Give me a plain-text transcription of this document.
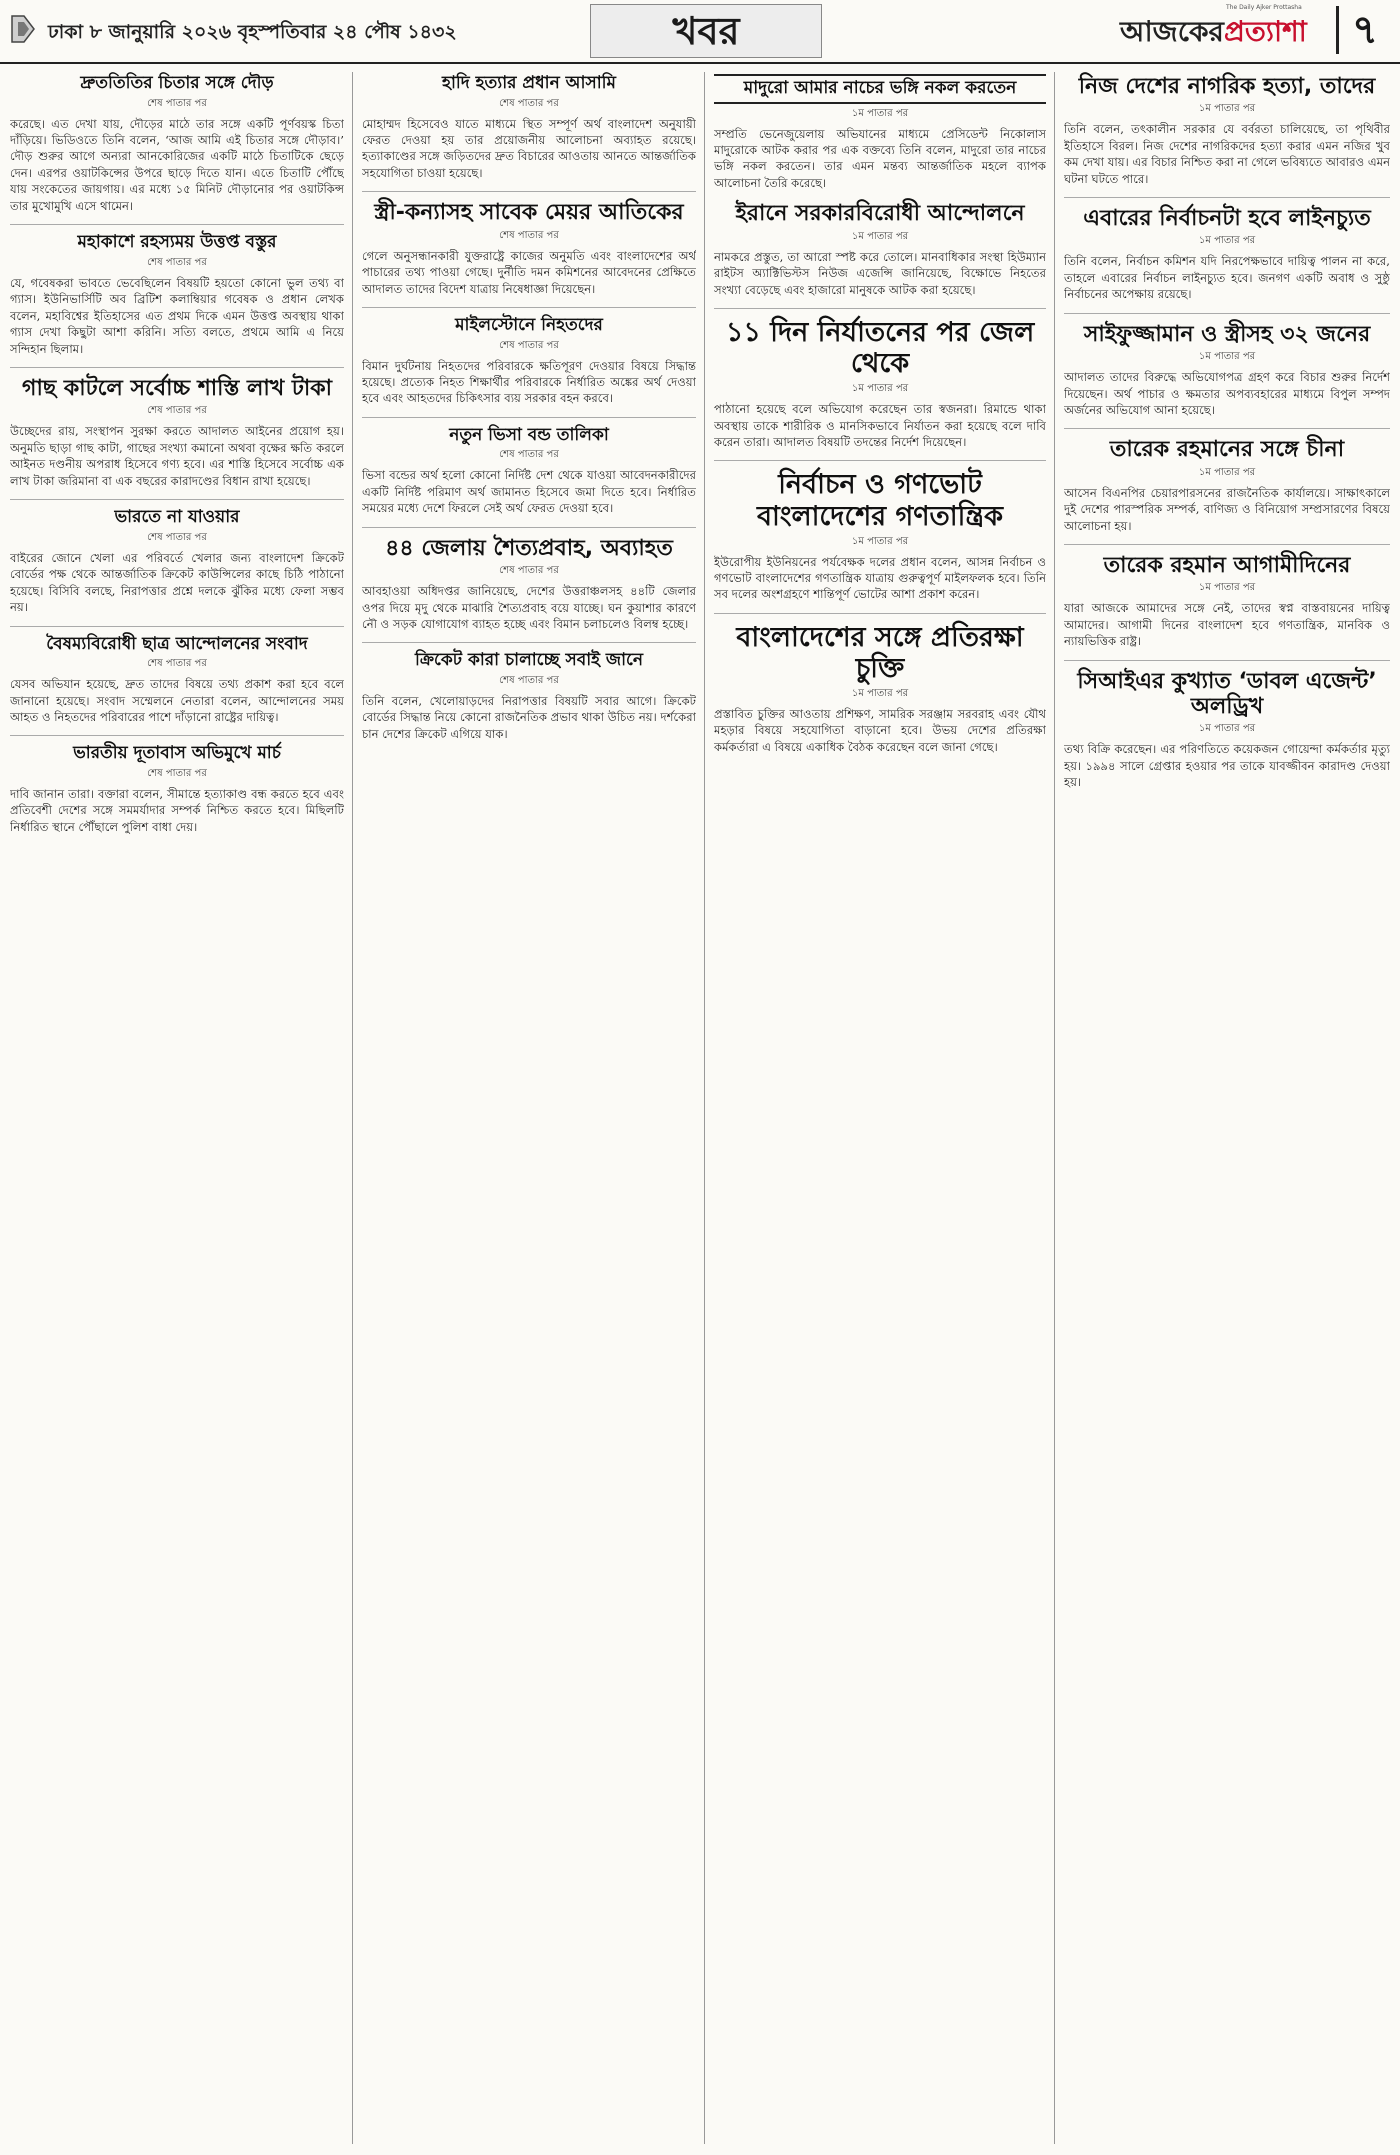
ঢাকা ৮ জানুয়ারি ২০২৬ বৃহস্পতিবার ২৪ পৌষ ১৪৩২	খবর	আজকেরপ্রত্যাশা
The Daily Ajker Prottasha	৭
দ্রুততিতির চিতার সঙ্গে দৌড়
শেষ পাতার পর

করেছে। এত দেখা যায়, দৌড়ের মাঠে তার সঙ্গে একটি পূর্ণবয়স্ক চিতা দাঁড়িয়ে। ভিডিওতে তিনি বলেন, ‘আজ আমি এই চিতার সঙ্গে দৌড়াব।’ দৌড় শুরুর আগে অন্যরা আনকোরিজের একটি মাঠে চিতাটিকে ছেড়ে দেন। এরপর ওয়াটকিন্সের উপরে ছাড়ে দিতে যান। এতে চিতাটি পৌঁছে যায় সংকেতের জায়গায়। এর মধ্যে ১৫ মিনিট দৌড়ানোর পর ওয়াটকিন্স তার মুখোমুখি এসে থামেন।

মহাকাশে রহস্যময় উত্তপ্ত বস্তুর
শেষ পাতার পর

যে, গবেষকরা ভাবতে ভেবেছিলেন বিষয়টি হয়তো কোনো ভুল তথ্য বা গ্যাস। ইউনিভার্সিটি অব ব্রিটিশ কলাম্বিয়ার গবেষক ও প্রধান লেখক বলেন, মহাবিশ্বের ইতিহাসের এত প্রথম দিকে এমন উত্তপ্ত অবস্থায় থাকা গ্যাস দেখা কিছুটা আশা করিনি। সত্যি বলতে, প্রথমে আমি এ নিয়ে সন্দিহান ছিলাম।

গাছ কাটলে সর্বোচ্চ শাস্তি লাখ টাকা
শেষ পাতার পর

উচ্ছেদের রায়, সংস্থাপন সুরক্ষা করতে আদালত আইনের প্রয়োগ হয়। অনুমতি ছাড়া গাছ কাটা, গাছের সংখ্যা কমানো অথবা বৃক্ষের ক্ষতি করলে আইনত দণ্ডনীয় অপরাধ হিসেবে গণ্য হবে। এর শাস্তি হিসেবে সর্বোচ্চ এক লাখ টাকা জরিমানা বা এক বছরের কারাদণ্ডের বিধান রাখা হয়েছে।

ভারতে না যাওয়ার
শেষ পাতার পর

বাইরের জোনে খেলা এর পরিবর্তে খেলার জন্য বাংলাদেশ ক্রিকেট বোর্ডের পক্ষ থেকে আন্তর্জাতিক ক্রিকেট কাউন্সিলের কাছে চিঠি পাঠানো হয়েছে। বিসিবি বলছে, নিরাপত্তার প্রশ্নে দলকে ঝুঁকির মধ্যে ফেলা সম্ভব নয়।

বৈষম্যবিরোধী ছাত্র আন্দোলনের সংবাদ
শেষ পাতার পর

যেসব অভিযান হয়েছে, দ্রুত তাদের বিষয়ে তথ্য প্রকাশ করা হবে বলে জানানো হয়েছে। সংবাদ সম্মেলনে নেতারা বলেন, আন্দোলনের সময় আহত ও নিহতদের পরিবারের পাশে দাঁড়ানো রাষ্ট্রের দায়িত্ব।

ভারতীয় দূতাবাস অভিমুখে মার্চ
শেষ পাতার পর

দাবি জানান তারা। বক্তারা বলেন, সীমান্তে হত্যাকাণ্ড বন্ধ করতে হবে এবং প্রতিবেশী দেশের সঙ্গে সমমর্যাদার সম্পর্ক নিশ্চিত করতে হবে। মিছিলটি নির্ধারিত স্থানে পৌঁছালে পুলিশ বাধা দেয়।

হাদি হত্যার প্রধান আসামি
শেষ পাতার পর

মোহাম্মদ হিসেবেও যাতে মাধ্যমে স্থিত সম্পূর্ণ অর্থ বাংলাদেশ অনুযায়ী ফেরত দেওয়া হয় তার প্রয়োজনীয় আলোচনা অব্যাহত রয়েছে। হত্যাকাণ্ডের সঙ্গে জড়িতদের দ্রুত বিচারের আওতায় আনতে আন্তর্জাতিক সহযোগিতা চাওয়া হয়েছে।

স্ত্রী-কন্যাসহ সাবেক মেয়র আতিকের
শেষ পাতার পর

গেলে অনুসন্ধানকারী যুক্তরাষ্ট্রে কাজের অনুমতি এবং বাংলাদেশের অর্থ পাচারের তথ্য পাওয়া গেছে। দুর্নীতি দমন কমিশনের আবেদনের প্রেক্ষিতে আদালত তাদের বিদেশ যাত্রায় নিষেধাজ্ঞা দিয়েছেন।

মাইলস্টোনে নিহতদের
শেষ পাতার পর

বিমান দুর্ঘটনায় নিহতদের পরিবারকে ক্ষতিপূরণ দেওয়ার বিষয়ে সিদ্ধান্ত হয়েছে। প্রত্যেক নিহত শিক্ষার্থীর পরিবারকে নির্ধারিত অঙ্কের অর্থ দেওয়া হবে এবং আহতদের চিকিৎসার ব্যয় সরকার বহন করবে।

নতুন ভিসা বন্ড তালিকা
শেষ পাতার পর

ভিসা বন্ডের অর্থ হলো কোনো নির্দিষ্ট দেশ থেকে যাওয়া আবেদনকারীদের একটি নির্দিষ্ট পরিমাণ অর্থ জামানত হিসেবে জমা দিতে হবে। নির্ধারিত সময়ের মধ্যে দেশে ফিরলে সেই অর্থ ফেরত দেওয়া হবে।

৪৪ জেলায় শৈত্যপ্রবাহ, অব্যাহত
শেষ পাতার পর

আবহাওয়া অধিদপ্তর জানিয়েছে, দেশের উত্তরাঞ্চলসহ ৪৪টি জেলার ওপর দিয়ে মৃদু থেকে মাঝারি শৈত্যপ্রবাহ বয়ে যাচ্ছে। ঘন কুয়াশার কারণে নৌ ও সড়ক যোগাযোগ ব্যাহত হচ্ছে এবং বিমান চলাচলেও বিলম্ব হচ্ছে।

ক্রিকেট কারা চালাচ্ছে সবাই জানে
শেষ পাতার পর

তিনি বলেন, খেলোয়াড়দের নিরাপত্তার বিষয়টি সবার আগে। ক্রিকেট বোর্ডের সিদ্ধান্ত নিয়ে কোনো রাজনৈতিক প্রভাব থাকা উচিত নয়। দর্শকেরা চান দেশের ক্রিকেট এগিয়ে যাক।

মাদুরো আমার নাচের ভঙ্গি নকল করতেন
১ম পাতার পর

সম্প্রতি ভেনেজুয়েলায় অভিযানের মাধ্যমে প্রেসিডেন্ট নিকোলাস মাদুরোকে আটক করার পর এক বক্তব্যে তিনি বলেন, মাদুরো তার নাচের ভঙ্গি নকল করতেন। তার এমন মন্তব্য আন্তর্জাতিক মহলে ব্যাপক আলোচনা তৈরি করেছে।

ইরানে সরকারবিরোধী আন্দোলনে
১ম পাতার পর

নামকরে প্রস্তুত, তা আরো স্পষ্ট করে তোলে। মানবাধিকার সংস্থা হিউম্যান রাইটস অ্যাক্টিভিস্টস নিউজ এজেন্সি জানিয়েছে, বিক্ষোভে নিহতের সংখ্যা বেড়েছে এবং হাজারো মানুষকে আটক করা হয়েছে।

১১ দিন নির্যাতনের পর জেল থেকে
১ম পাতার পর

পাঠানো হয়েছে বলে অভিযোগ করেছেন তার স্বজনরা। রিমান্ডে থাকা অবস্থায় তাকে শারীরিক ও মানসিকভাবে নির্যাতন করা হয়েছে বলে দাবি করেন তারা। আদালত বিষয়টি তদন্তের নির্দেশ দিয়েছেন।

নির্বাচন ও গণভোট বাংলাদেশের গণতান্ত্রিক
১ম পাতার পর

ইউরোপীয় ইউনিয়নের পর্যবেক্ষক দলের প্রধান বলেন, আসন্ন নির্বাচন ও গণভোট বাংলাদেশের গণতান্ত্রিক যাত্রায় গুরুত্বপূর্ণ মাইলফলক হবে। তিনি সব দলের অংশগ্রহণে শান্তিপূর্ণ ভোটের আশা প্রকাশ করেন।

বাংলাদেশের সঙ্গে প্রতিরক্ষা চুক্তি
১ম পাতার পর

প্রস্তাবিত চুক্তির আওতায় প্রশিক্ষণ, সামরিক সরঞ্জাম সরবরাহ এবং যৌথ মহড়ার বিষয়ে সহযোগিতা বাড়ানো হবে। উভয় দেশের প্রতিরক্ষা কর্মকর্তারা এ বিষয়ে একাধিক বৈঠক করেছেন বলে জানা গেছে।

নিজ দেশের নাগরিক হত্যা, তাদের
১ম পাতার পর

তিনি বলেন, তৎকালীন সরকার যে বর্বরতা চালিয়েছে, তা পৃথিবীর ইতিহাসে বিরল। নিজ দেশের নাগরিকদের হত্যা করার এমন নজির খুব কম দেখা যায়। এর বিচার নিশ্চিত করা না গেলে ভবিষ্যতে আবারও এমন ঘটনা ঘটতে পারে।

এবারের নির্বাচনটা হবে লাইনচ্যুত
১ম পাতার পর

তিনি বলেন, নির্বাচন কমিশন যদি নিরপেক্ষভাবে দায়িত্ব পালন না করে, তাহলে এবারের নির্বাচন লাইনচ্যুত হবে। জনগণ একটি অবাধ ও সুষ্ঠু নির্বাচনের অপেক্ষায় রয়েছে।

সাইফুজ্জামান ও স্ত্রীসহ ৩২ জনের
১ম পাতার পর

আদালত তাদের বিরুদ্ধে অভিযোগপত্র গ্রহণ করে বিচার শুরুর নির্দেশ দিয়েছেন। অর্থ পাচার ও ক্ষমতার অপব্যবহারের মাধ্যমে বিপুল সম্পদ অর্জনের অভিযোগ আনা হয়েছে।

তারেক রহমানের সঙ্গে চীনা
১ম পাতার পর

আসেন বিএনপির চেয়ারপারসনের রাজনৈতিক কার্যালয়ে। সাক্ষাৎকালে দুই দেশের পারস্পরিক সম্পর্ক, বাণিজ্য ও বিনিয়োগ সম্প্রসারণের বিষয়ে আলোচনা হয়।

তারেক রহমান আগামীদিনের
১ম পাতার পর

যারা আজকে আমাদের সঙ্গে নেই, তাদের স্বপ্ন বাস্তবায়নের দায়িত্ব আমাদের। আগামী দিনের বাংলাদেশ হবে গণতান্ত্রিক, মানবিক ও ন্যায়ভিত্তিক রাষ্ট্র।

সিআইএর কুখ্যাত ‘ডাবল এজেন্ট’ অলড্রিখ
১ম পাতার পর

তথ্য বিক্রি করেছেন। এর পরিণতিতে কয়েকজন গোয়েন্দা কর্মকর্তার মৃত্যু হয়। ১৯৯৪ সালে গ্রেপ্তার হওয়ার পর তাকে যাবজ্জীবন কারাদণ্ড দেওয়া হয়।
